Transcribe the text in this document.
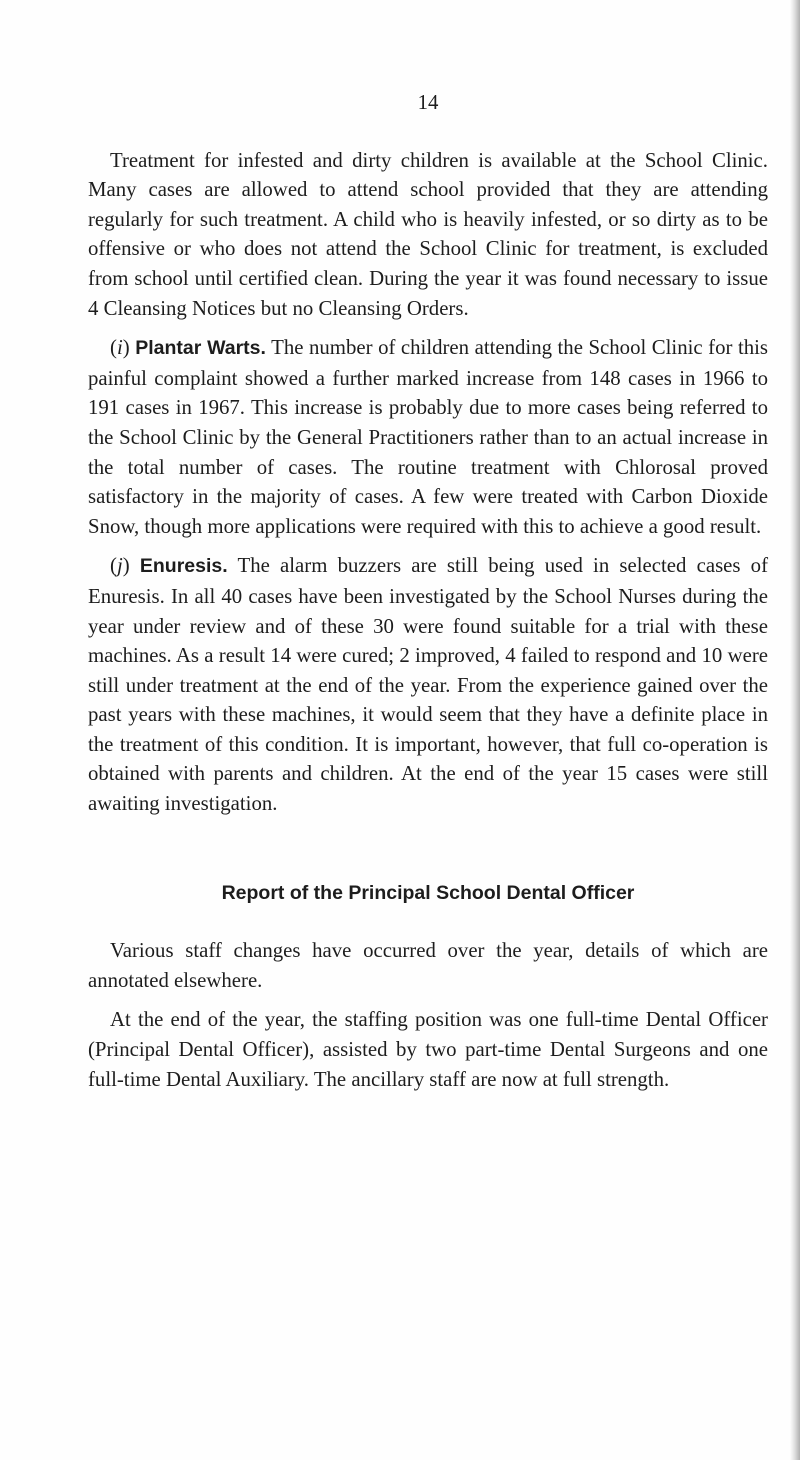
14

Treatment for infested and dirty children is available at the School Clinic. Many cases are allowed to attend school provided that they are attending regularly for such treatment. A child who is heavily infested, or so dirty as to be offensive or who does not attend the School Clinic for treatment, is excluded from school until certified clean. During the year it was found necessary to issue 4 Cleansing Notices but no Cleansing Orders.

(i) Plantar Warts. The number of children attending the School Clinic for this painful complaint showed a further marked increase from 148 cases in 1966 to 191 cases in 1967. This increase is probably due to more cases being referred to the School Clinic by the General Practitioners rather than to an actual increase in the total number of cases. The routine treatment with Chlorosal proved satisfactory in the majority of cases. A few were treated with Carbon Dioxide Snow, though more applications were required with this to achieve a good result.

(j) Enuresis. The alarm buzzers are still being used in selected cases of Enuresis. In all 40 cases have been investigated by the School Nurses during the year under review and of these 30 were found suitable for a trial with these machines. As a result 14 were cured; 2 improved, 4 failed to respond and 10 were still under treatment at the end of the year. From the experience gained over the past years with these machines, it would seem that they have a definite place in the treatment of this condition. It is important, however, that full co-operation is obtained with parents and children. At the end of the year 15 cases were still awaiting investigation.

Report of the Principal School Dental Officer

Various staff changes have occurred over the year, details of which are annotated elsewhere.

At the end of the year, the staffing position was one full-time Dental Officer (Principal Dental Officer), assisted by two part-time Dental Surgeons and one full-time Dental Auxiliary. The ancillary staff are now at full strength.
